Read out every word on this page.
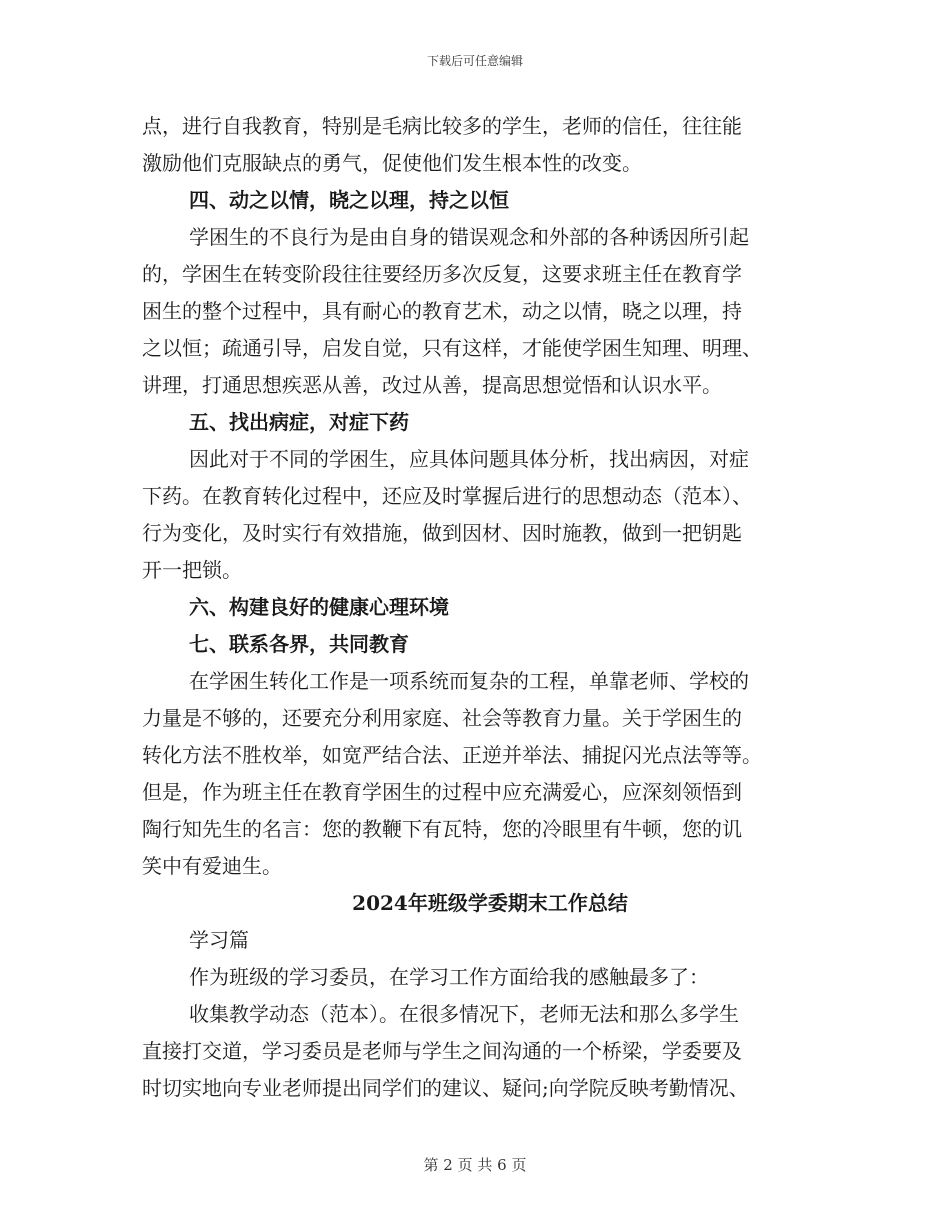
下载后可任意编辑

点，进行自我教育，特别是毛病比较多的学生，老师的信任，往往能

激励他们克服缺点的勇气，促使他们发生根本性的改变。

四、动之以情，晓之以理，持之以恒

学困生的不良行为是由自身的错误观念和外部的各种诱因所引起

的，学困生在转变阶段往往要经历多次反复，这要求班主任在教育学

困生的整个过程中，具有耐心的教育艺术，动之以情，晓之以理，持

之以恒；疏通引导，启发自觉，只有这样，才能使学困生知理、明理、

讲理，打通思想疾恶从善，改过从善，提高思想觉悟和认识水平。

五、找出病症，对症下药

因此对于不同的学困生，应具体问题具体分析，找出病因，对症

下药。在教育转化过程中，还应及时掌握后进行的思想动态（范本）、

行为变化，及时实行有效措施，做到因材、因时施教，做到一把钥匙

开一把锁。

六、构建良好的健康心理环境

七、联系各界，共同教育

在学困生转化工作是一项系统而复杂的工程，单靠老师、学校的

力量是不够的，还要充分利用家庭、社会等教育力量。关于学困生的

转化方法不胜枚举，如宽严结合法、正逆并举法、捕捉闪光点法等等。

但是，作为班主任在教育学困生的过程中应充满爱心，应深刻领悟到

陶行知先生的名言：您的教鞭下有瓦特，您的冷眼里有牛顿，您的讥

笑中有爱迪生。

2024年班级学委期末工作总结

学习篇

作为班级的学习委员，在学习工作方面给我的感触最多了：

收集教学动态（范本）。在很多情况下，老师无法和那么多学生

直接打交道，学习委员是老师与学生之间沟通的一个桥梁，学委要及

时切实地向专业老师提出同学们的建议、疑问;向学院反映考勤情况、

第 2 页 共 6 页
